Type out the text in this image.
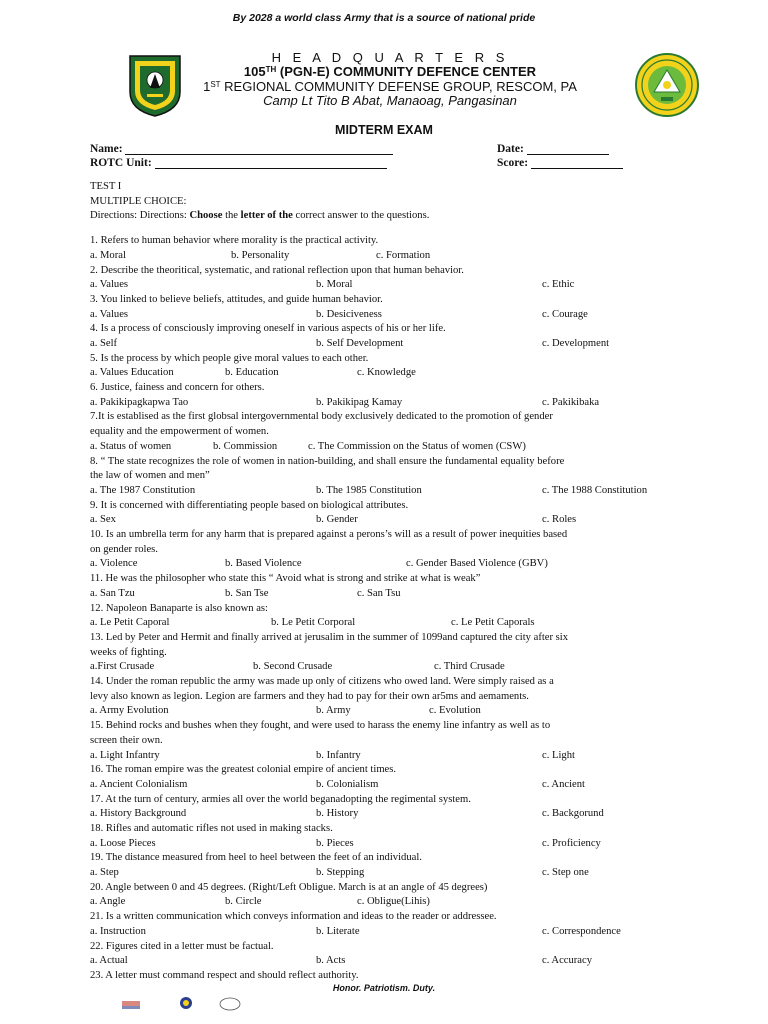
By 2028 a world class Army that is a source of national pride
H E A D Q U A R T E R S
105TH (PGN-E) COMMUNITY DEFENCE CENTER
1ST REGIONAL COMMUNITY DEFENSE GROUP, RESCOM, PA
Camp Lt Tito B Abat, Manaoag, Pangasinan
MIDTERM EXAM
Name:	Date:
ROTC Unit:	Score:
TEST I
MULTIPLE CHOICE:
Directions: Directions: Choose the letter of the correct answer to the questions.
1. Refers to human behavior where morality is the practical activity.
a. Moral	b. Personality	c. Formation
2. Describe the theoritical, systematic, and rational reflection upon that human behavior.
a. Values	b. Moral	c. Ethic
3. You linked to believe beliefs, attitudes, and guide human behavior.
a. Values	b. Desiciveness	c. Courage
4. Is a process of consciously improving oneself in various aspects of his or her life.
a. Self	b. Self Development	c. Development
5. Is the process by which people give moral values to each other.
a. Values Education	b. Education	c. Knowledge
6. Justice, fainess and concern for others.
a. Pakikipagkapwa Tao	b. Pakikipag Kamay	c. Pakikibaka
7.It is establised as the first globsal intergovernmental body exclusively dedicated to the promotion of gender
equality and the empowerment of women.
a. Status of women	b. Commission	c. The Commission on the Status of women (CSW)
8. “ The state recognizes the role of women in nation-building, and shall ensure the fundamental equality before
the law of women and men”
a. The 1987 Constitution	b. The 1985 Constitution	c. The 1988 Constitution
9. It is concerned with differentiating people based on biological attributes.
a. Sex	b. Gender	c. Roles
10. Is an umbrella term for any harm that is prepared against a perons’s will as a result of power inequities based
on gender roles.
a. Violence	b. Based Violence	c. Gender Based Violence (GBV)
11. He was the philosopher who state this “ Avoid what is strong and strike at what is weak”
a. San Tzu	b. San Tse	c. San Tsu
12. Napoleon Banaparte is also known as:
a. Le Petit Caporal	b. Le Petit Corporal	c. Le Petit Caporals
13. Led by Peter and Hermit and finally arrived at jerusalim in the summer of 1099and captured the city after six
weeks of fighting.
a.First Crusade	b. Second Crusade	c. Third Crusade
14. Under the roman republic the army was made up only of citizens who owed land. Were simply raised as a
levy also known as legion. Legion are farmers and they had to pay for their own ar5ms and aemaments.
a. Army Evolution	b. Army	c. Evolution
15. Behind rocks and bushes when they fought, and were used to harass the enemy line infantry as well as to
screen their own.
a. Light Infantry	b. Infantry	c. Light
16. The roman empire was the greatest colonial empire of ancient times.
a. Ancient Colonialism	b. Colonialism	c. Ancient
17. At the turn of century, armies all over the world beganadopting the regimental system.
a. History Background	b. History	c. Backgorund
18. Rifles and automatic rifles not used in making stacks.
a. Loose Pieces	b. Pieces	c. Proficiency
19. The distance measured from heel to heel between the feet of an individual.
a. Step	b. Stepping	c. Step one
20. Angle between 0 and 45 degrees. (Right/Left Obligue. March is at an angle of 45 degrees)
a. Angle	b. Circle	c. Obligue(Lihis)
21. Is a written communication which conveys information and ideas to the reader or addressee.
a. Instruction	b. Literate	c. Correspondence
22. Figures cited in a letter must be factual.
a. Actual	b. Acts	c. Accuracy
23. A letter must command respect and should reflect authority.
Honor. Patriotism. Duty.
